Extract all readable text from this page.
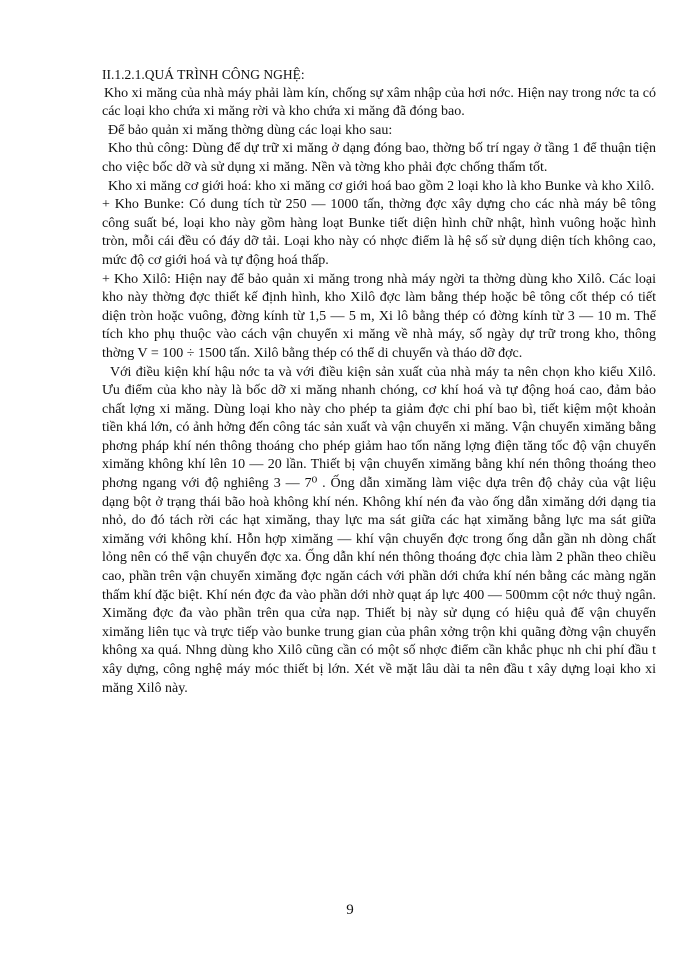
II.1.2.1.QUÁ TRÌNH CÔNG NGHỆ:

Kho xi măng của nhà máy phải làm kín, chống sự xâm nhập của hơi nớc. Hiện nay trong nớc ta có các loại kho chứa xi măng rời và kho chứa xi măng đã đóng bao.

Để bảo quản xi măng thờng dùng các loại kho sau:

Kho thủ công: Dùng để dự trữ xi măng ở dạng đóng bao, thờng bố trí ngay ở tầng 1 để thuận tiện cho việc bốc dỡ và sử dụng xi măng. Nền và tờng kho phải đợc chống thấm tốt.

Kho xi măng cơ giới hoá: kho xi măng cơ giới hoá bao gồm 2 loại kho là kho Bunke và kho Xilô.

+ Kho Bunke: Có dung tích từ 250 — 1000 tấn, thờng đợc xây dựng cho các nhà máy bê tông công suất bé, loại kho này gồm hàng loạt Bunke tiết diện hình chữ nhật, hình vuông hoặc hình tròn, mỗi cái đều có đáy dỡ tải. Loại kho này có nhợc điểm là hệ số sử dụng diện tích không cao, mức độ cơ giới hoá và tự động hoá thấp.

+ Kho Xilô: Hiện nay để bảo quản xi măng trong nhà máy ngời ta thờng dùng kho Xilô. Các loại kho này thờng đợc thiết kế định hình, kho Xilô đợc làm bằng thép hoặc bê tông cốt thép có tiết diện tròn hoặc vuông, đờng kính từ 1,5 — 5 m, Xi lô bằng thép có đờng kính từ 3 — 10 m. Thể tích kho phụ thuộc vào cách vận chuyển xi măng về nhà máy, số ngày dự trữ trong kho, thông thờng V = 100 ÷ 1500 tấn. Xilô bằng thép có thể di chuyển và tháo dỡ đợc.

Với điều kiện khí hậu nớc ta và với điều kiện sản xuất của nhà máy ta nên chọn kho kiểu Xilô. Ưu điểm của kho này là bốc dỡ xi măng nhanh chóng, cơ khí hoá và tự động hoá cao, đảm bảo chất lợng xi măng. Dùng loại kho này cho phép ta giảm đợc chi phí bao bì, tiết kiệm một khoản tiền khá lớn, có ảnh hởng đến công tác sản xuất và vận chuyển xi măng. Vận chuyển ximăng bằng phơng pháp khí nén thông thoáng cho phép giảm hao tốn năng lợng điện tăng tốc độ vận chuyển ximăng không khí lên 10 — 20 lần. Thiết bị vận chuyển ximăng bằng khí nén thông thoáng theo phơng ngang với độ nghiêng 3 — 7⁰ . Ống dẫn ximăng làm việc dựa trên độ chảy của vật liệu dạng bột ở trạng thái bão hoà không khí nén. Không khí nén đa vào ống dẫn ximăng dới dạng tia nhỏ, do đó tách rời các hạt ximăng, thay lực ma sát giữa các hạt ximăng bằng lực ma sát giữa ximăng với không khí. Hỗn hợp ximăng — khí vận chuyển đợc trong ống dẫn gần nh dòng chất lỏng nên có thể vận chuyển đợc xa. Ống dẫn khí nén thông thoáng đợc chia làm 2 phần theo chiều cao, phần trên vận chuyển ximăng đợc ngăn cách với phần dới chứa khí nén bằng các màng ngăn thấm khí đặc biệt. Khí nén đợc đa vào phần dới nhờ quạt áp lực 400 — 500mm cột nớc thuỷ ngân. Ximăng đợc đa vào phần trên qua cửa nạp. Thiết bị này sử dụng có hiệu quả để vận chuyển ximăng liên tục và trực tiếp vào bunke trung gian của phân xởng trộn khi quãng đờng vận chuyển không xa quá. Nhng dùng kho Xilô cũng cần có một số nhợc điểm cần khắc phục nh chi phí đầu t xây dựng, công nghệ máy móc thiết bị lớn. Xét về mặt lâu dài ta nên đầu t xây dựng loại kho xi măng Xilô này.

9
